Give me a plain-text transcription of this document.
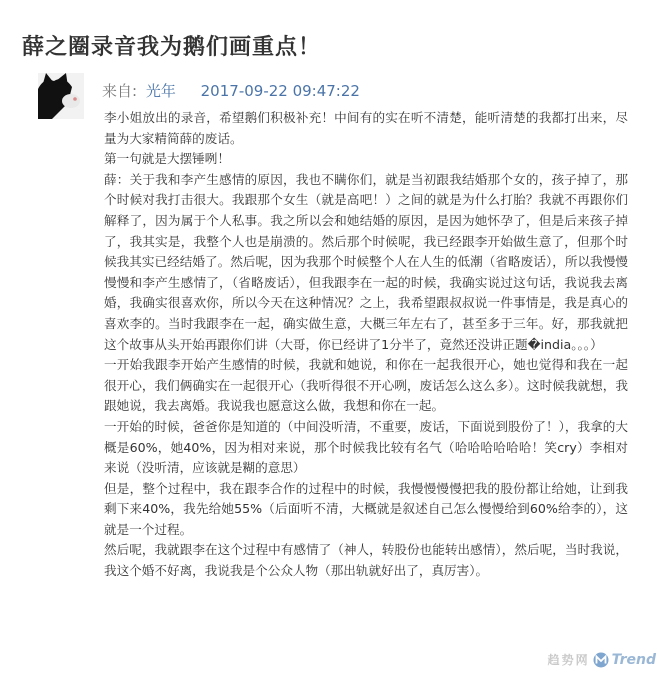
薛之圈录音我为鹅们画重点！
来自: 光年 2017-09-22 09:47:22

李小姐放出的录音，希望鹅们积极补充！中间有的实在听不清楚，能听清楚的我都打出来，尽量为大家精简薛的废话。

第一句就是大摆锤咧！

薛：关于我和李产生感情的原因，我也不瞒你们，就是当初跟我结婚那个女的，孩子掉了，那个时候对我打击很大。我跟那个女生（就是高吧！）之间的就是为什么打胎？我就不再跟你们解释了，因为属于个人私事。我之所以会和她结婚的原因，是因为她怀孕了，但是后来孩子掉了，我其实是，我整个人也是崩溃的。然后那个时候呢，我已经跟李开始做生意了，但那个时候我其实已经结婚了。然后呢，因为我那个时候整个人在人生的低潮（省略废话），所以我慢慢慢慢和李产生感情了，（省略废话），但我跟李在一起的时候，我确实说过这句话，我说我去离婚，我确实很喜欢你，所以今天在这种情况？之上，我希望跟叔叔说一件事情是，我是真心的喜欢李的。当时我跟李在一起，确实做生意，大概三年左右了，甚至多于三年。好，那我就把这个故事从头开始再跟你们讲（大哥，你已经讲了1分半了，竟然还没讲正题�india。。。）

一开始我跟李开始产生感情的时候，我就和她说，和你在一起我很开心，她也觉得和我在一起很开心，我们俩确实在一起很开心（我听得很不开心咧，废话怎么这么多）。这时候我就想，我跟她说，我去离婚。我说我也愿意这么做，我想和你在一起。

一开始的时候，爸爸你是知道的（中间没听清，不重要，废话，下面说到股份了！），我拿的大概是60%，她40%，因为相对来说，那个时候我比较有名气（哈哈哈哈哈哈！笑cry）李相对来说（没听清，应该就是糊的意思）

但是，整个过程中，我在跟李合作的过程中的时候，我慢慢慢慢把我的股份都让给她，让到我剩下来40%，我先给她55%（后面听不清，大概就是叙述自己怎么慢慢给到60%给李的），这就是一个过程。

然后呢，我就跟李在这个过程中有感情了（神人，转股份也能转出感情），然后呢，当时我说，我这个婚不好离，我说我是个公众人物（那出轨就好出了，真厉害）。

趋势网 Trend
